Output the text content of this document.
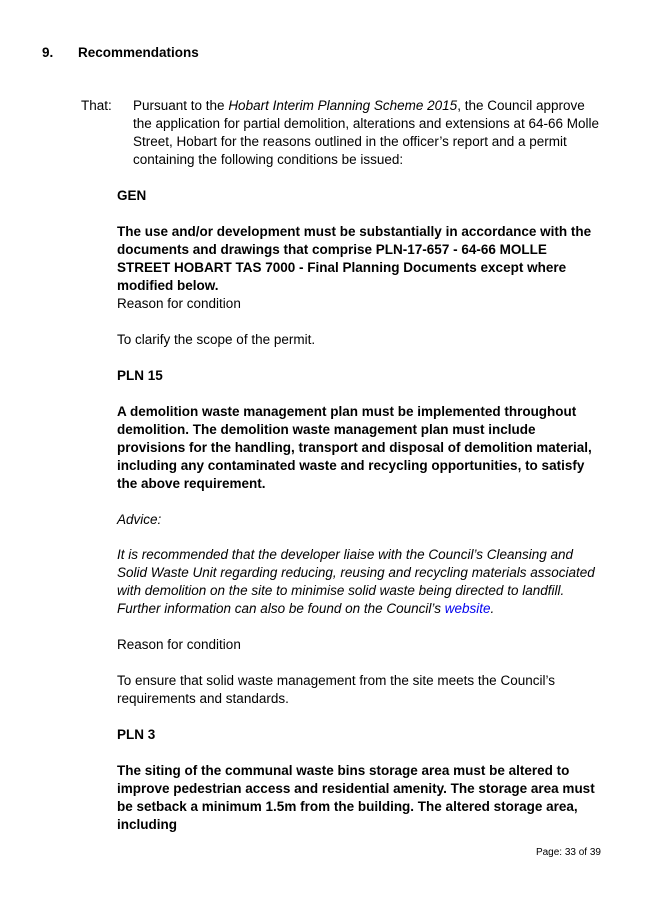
9. Recommendations
That: Pursuant to the Hobart Interim Planning Scheme 2015, the Council approve the application for partial demolition, alterations and extensions at 64-66 Molle Street, Hobart for the reasons outlined in the officer’s report and a permit containing the following conditions be issued:

GEN

The use and/or development must be substantially in accordance with the documents and drawings that comprise PLN-17-657 - 64-66 MOLLE STREET HOBART TAS 7000 - Final Planning Documents except where modified below.

Reason for condition

To clarify the scope of the permit.

PLN 15

A demolition waste management plan must be implemented throughout demolition. The demolition waste management plan must include provisions for the handling, transport and disposal of demolition material, including any contaminated waste and recycling opportunities, to satisfy the above requirement.

Advice:

It is recommended that the developer liaise with the Council’s Cleansing and Solid Waste Unit regarding reducing, reusing and recycling materials associated with demolition on the site to minimise solid waste being directed to landfill. Further information can also be found on the Council’s website.

Reason for condition

To ensure that solid waste management from the site meets the Council’s requirements and standards.

PLN 3

The siting of the communal waste bins storage area must be altered to improve pedestrian access and residential amenity. The storage area must be setback a minimum 1.5m from the building. The altered storage area, including

Page: 33 of 39
